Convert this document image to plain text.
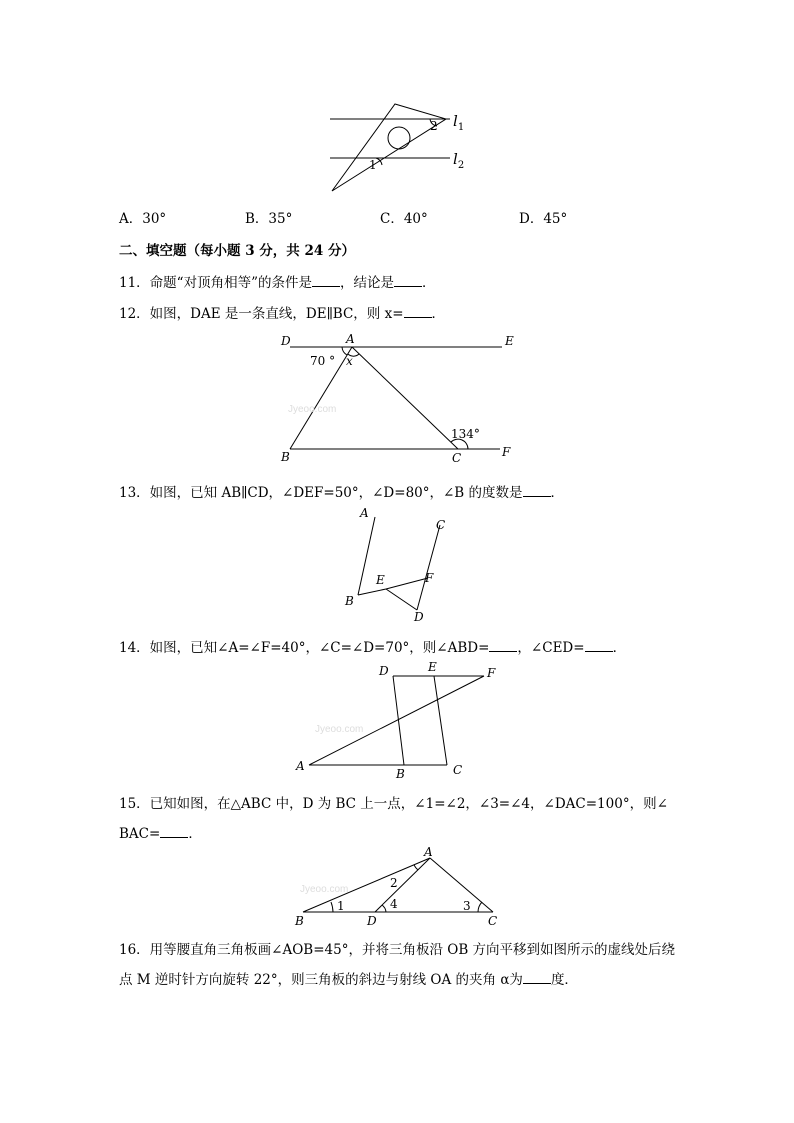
2
1
$l_1$
$l_2$
A．30°	B．35°	C．40°	D．45°
二、填空题（每小题 3 分，共 24 分）
11．命题“对顶角相等”的条件是 ，结论是 ．
12．如图，DAE 是一条直线，DE∥BC，则 x= ．
D	A	E
70 ° x
134°
B	C	F
Jyeoo.com
13．如图，已知 AB∥CD，∠DEF=50°，∠D=80°，∠B 的度数是 ．
A
C
E	F
B
D
14．如图，已知∠A=∠F=40°，∠C=∠D=70°，则∠ABD= ，∠CED= ．
D	E	F
A
B	C
Jyeoo.com
15．已知如图，在△ABC 中，D 为 BC 上一点，∠1=∠2，∠3=∠4，∠DAC=100°，则∠
BAC= ．
A
B	D	C
1
2
3
4
Jyeoo.com
16．用等腰直角三角板画∠AOB=45°，并将三角板沿 OB 方向平移到如图所示的虚线处后绕
点 M 逆时针方向旋转 22°，则三角板的斜边与射线 OA 的夹角 α为 度．
